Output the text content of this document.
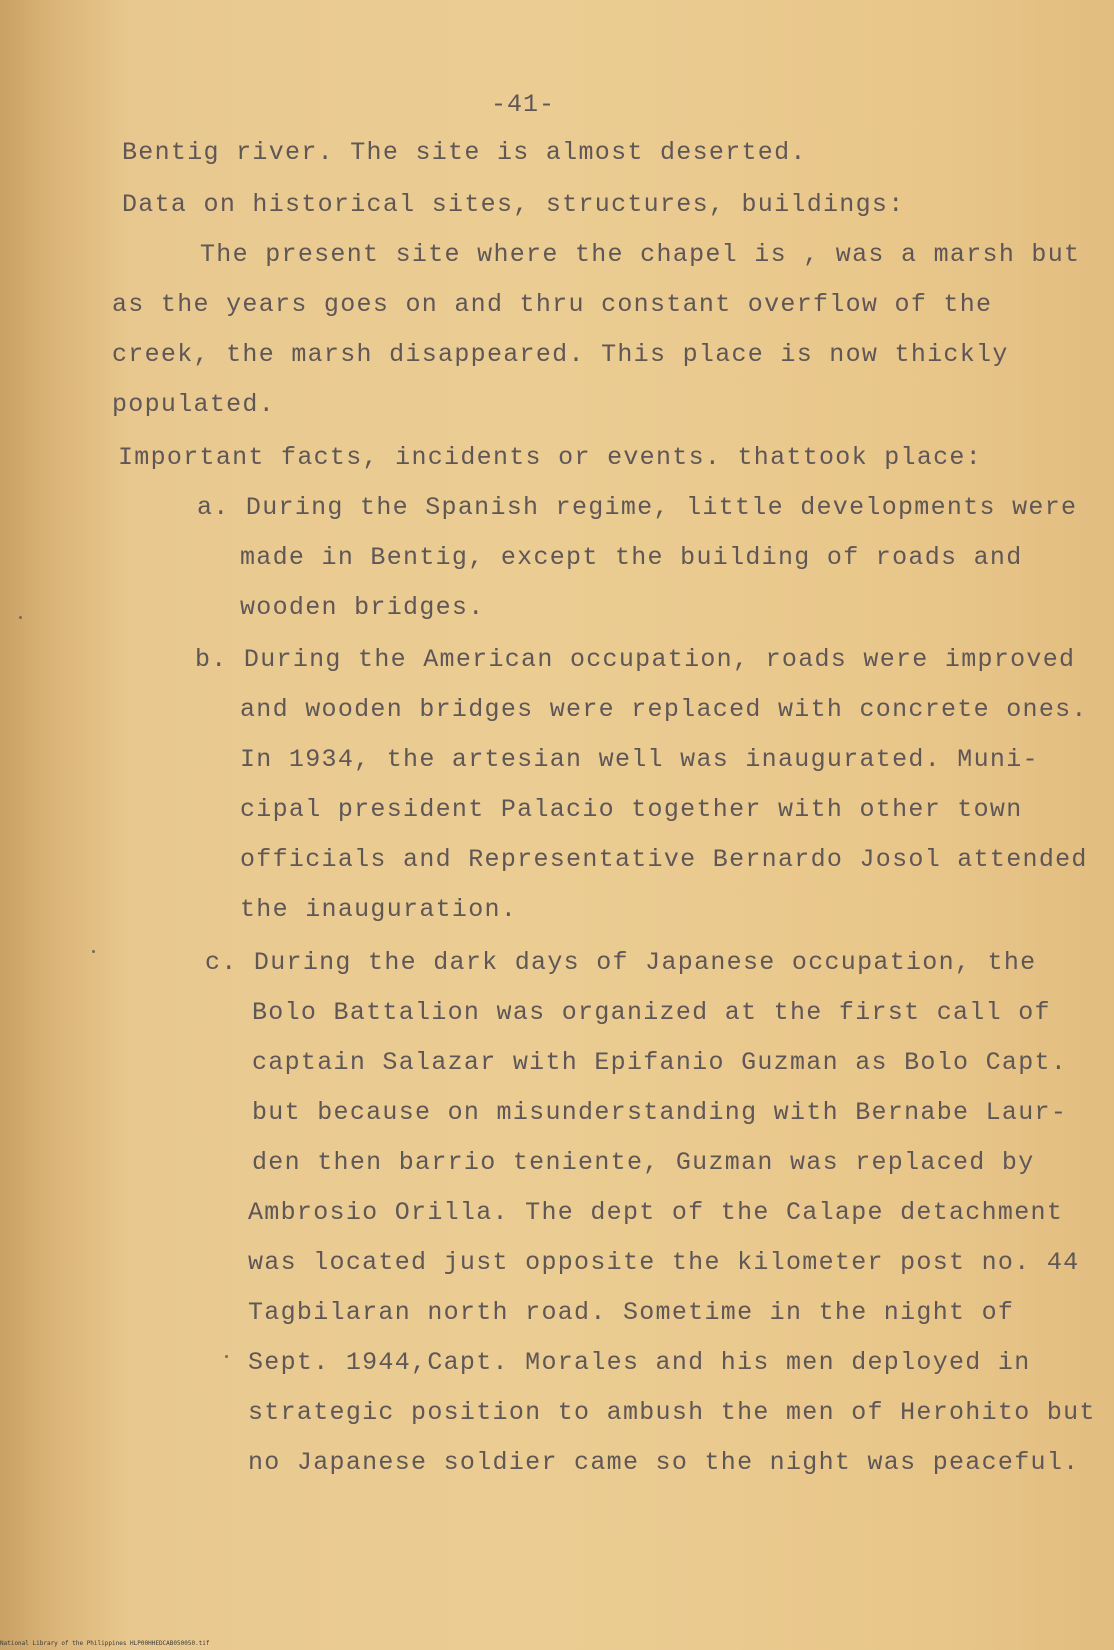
-41-
Bentig river. The site is almost deserted.
Data on historical sites, structures, buildings:
The present site where the chapel is , was a marsh but
as the years goes on and thru constant overflow of the
creek, the marsh disappeared. This place is now thickly
populated.
Important facts, incidents or events. thattook place:
a. During the Spanish regime, little developments were
made in Bentig, except the building of roads and
wooden bridges.
b. During the American occupation, roads were improved
and wooden bridges were replaced with concrete ones.
In 1934, the artesian well was inaugurated. Muni-
cipal president Palacio together with other town
officials and Representative Bernardo Josol attended
the inauguration.
c. During the dark days of Japanese occupation, the
Bolo Battalion was organized at the first call of
captain Salazar with Epifanio Guzman as Bolo Capt.
but because on misunderstanding with Bernabe Laur-
den then barrio teniente, Guzman was replaced by
Ambrosio Orilla. The dept of the Calape detachment
was located just opposite the kilometer post no. 44
Tagbilaran north road. Sometime in the night of
Sept. 1944,Capt. Morales and his men deployed in
strategic position to ambush the men of Herohito but
no Japanese soldier came so the night was peaceful.
National Library of the Philippines HLP00HHEDCAB050050.tif
